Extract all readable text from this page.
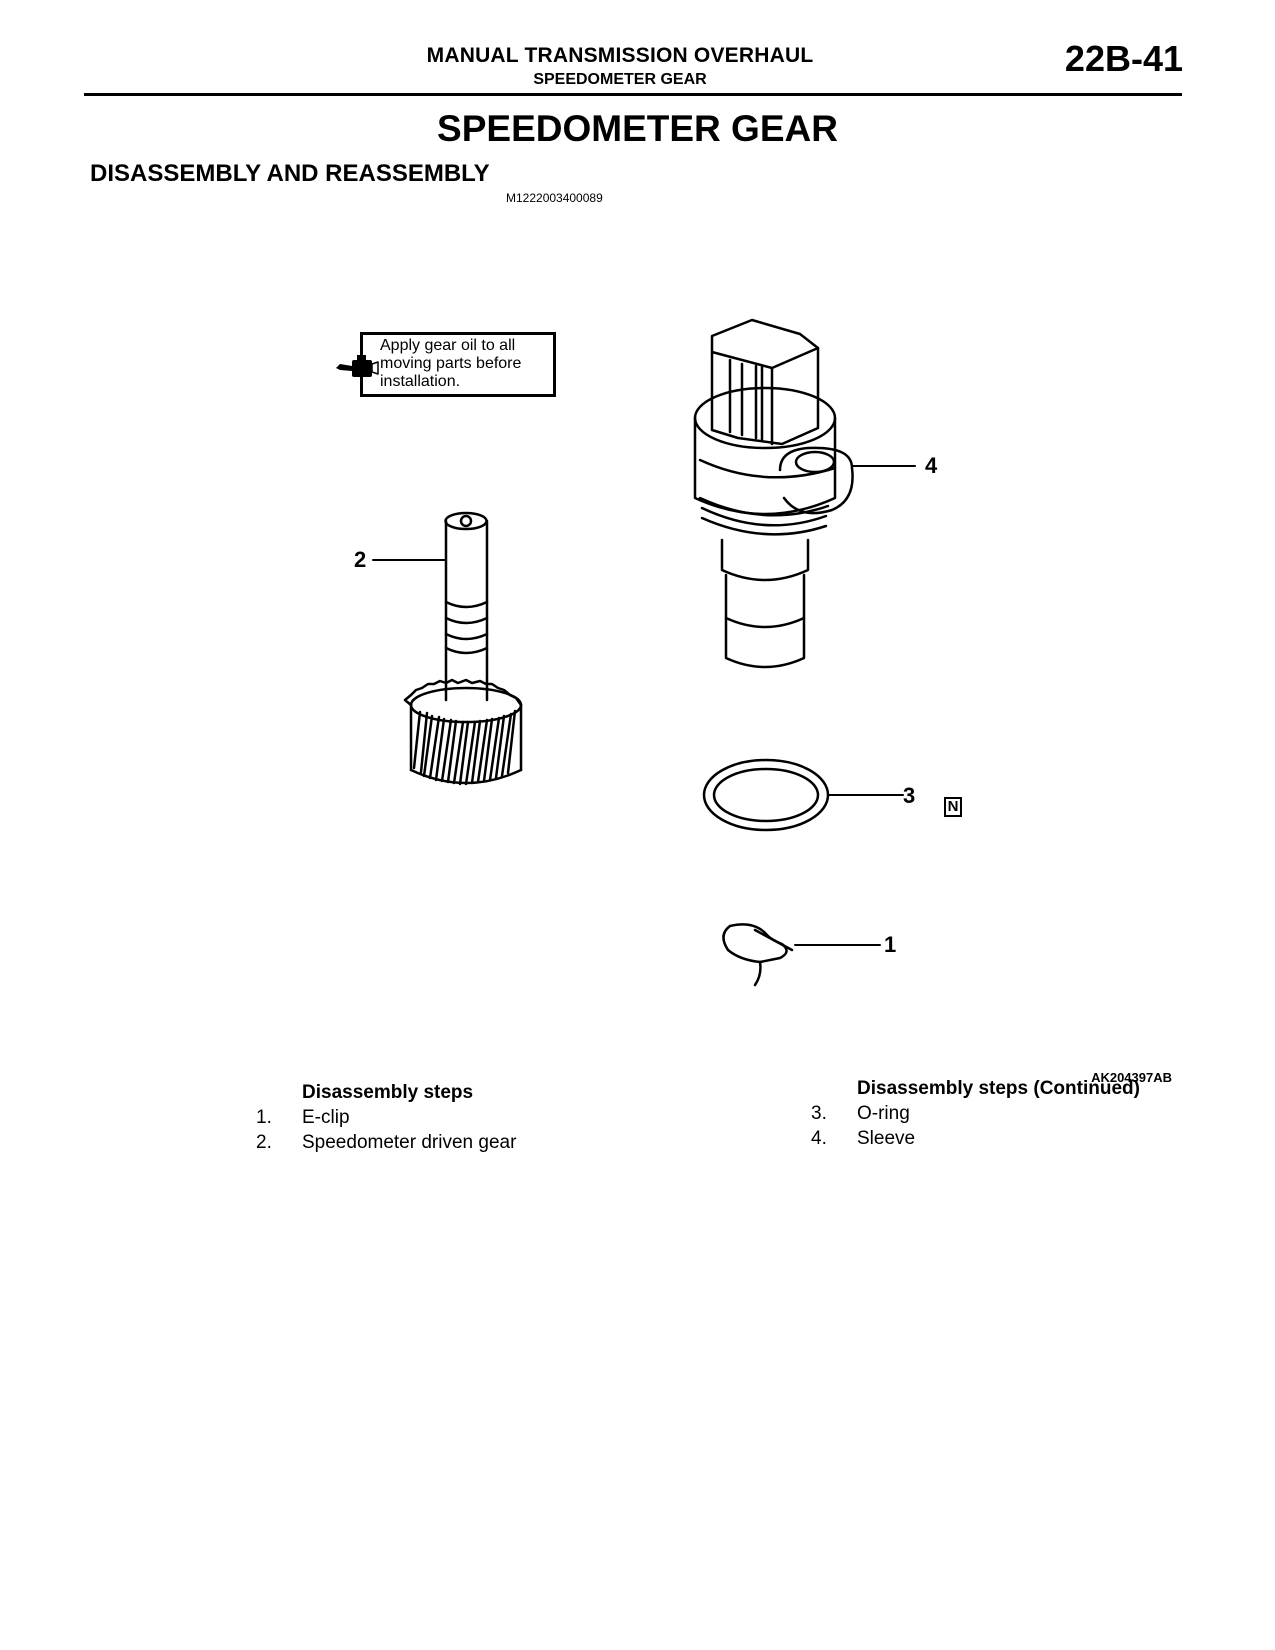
MANUAL TRANSMISSION OVERHAUL
SPEEDOMETER GEAR
22B-41
SPEEDOMETER GEAR
DISASSEMBLY AND REASSEMBLY
M1222003400089
Apply gear oil to all moving parts before installation.
2
4
3 N
1
AK204397AB
Disassembly steps
1. E-clip
2. Speedometer driven gear
Disassembly steps (Continued)
3. O-ring
4. Sleeve
